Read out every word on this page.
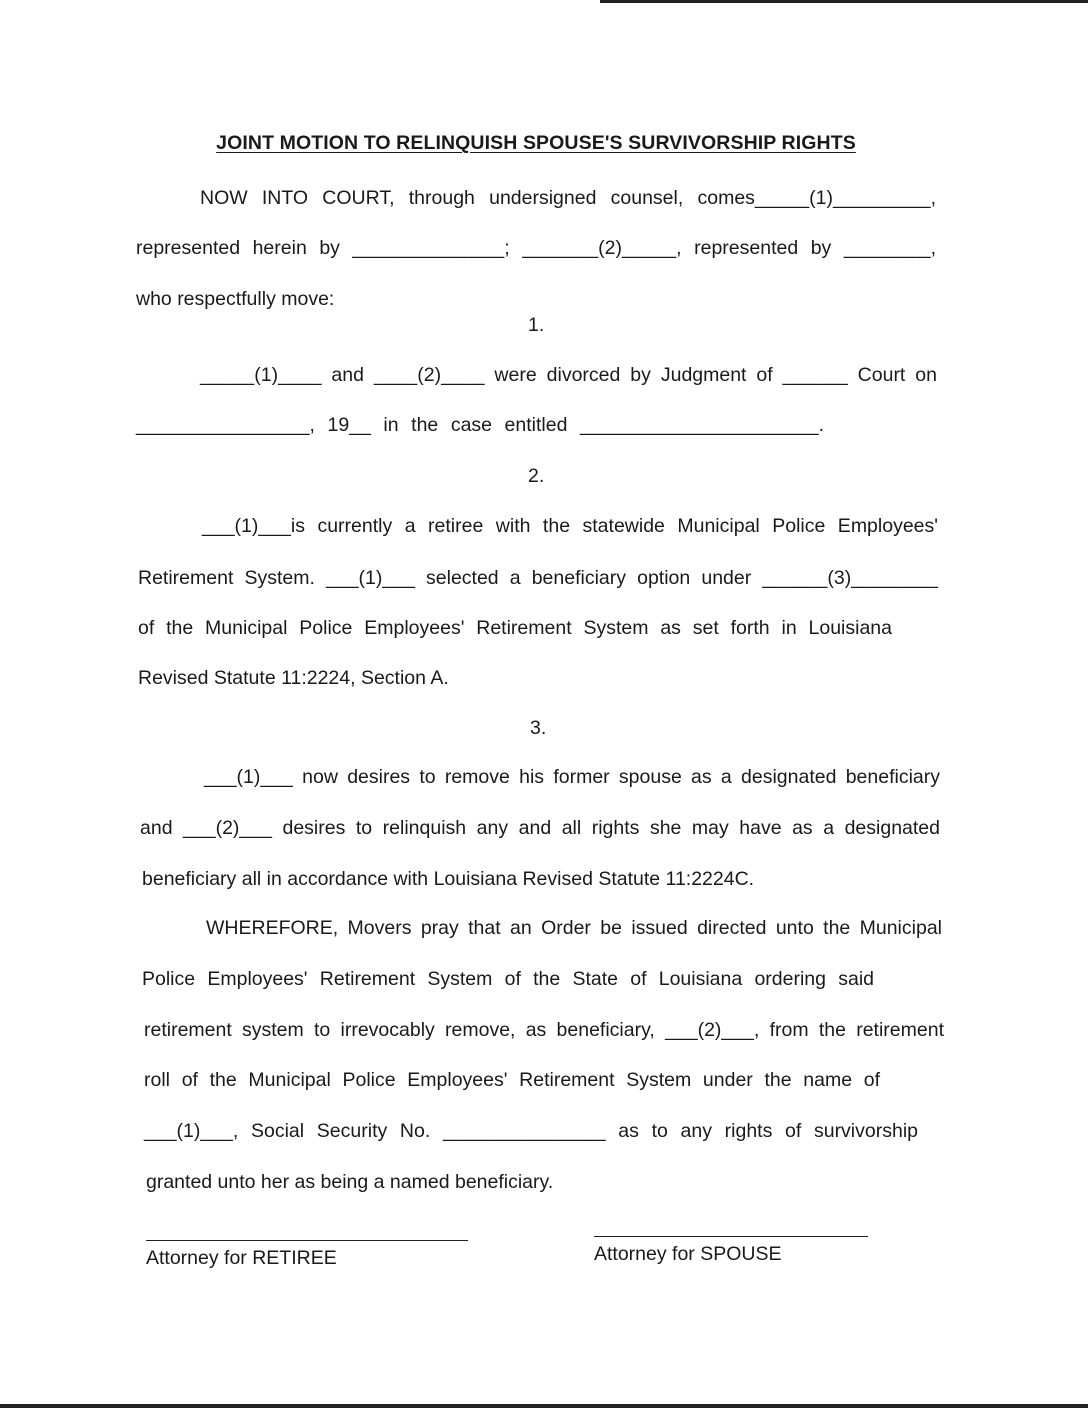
JOINT MOTION TO RELINQUISH SPOUSE'S SURVIVORSHIP RIGHTS
NOW INTO COURT, through undersigned counsel, comes_____(1)_________,
represented herein by ______________; _______(2)_____, represented by ________,
who respectfully move:
1.
_____(1)____ and ____(2)____ were divorced by Judgment of ______ Court on
________________, 19__ in the case entitled ______________________.
2.
___(1)___is currently a retiree with the statewide Municipal Police Employees'
Retirement System. ___(1)___ selected a beneficiary option under ______(3)________
of the Municipal Police Employees' Retirement System as set forth in Louisiana
Revised Statute 11:2224, Section A.
3.
___(1)___ now desires to remove his former spouse as a designated beneficiary
and ___(2)___ desires to relinquish any and all rights she may have as a designated
beneficiary all in accordance with Louisiana Revised Statute 11:2224C.
WHEREFORE, Movers pray that an Order be issued directed unto the Municipal
Police Employees' Retirement System of the State of Louisiana ordering said
retirement system to irrevocably remove, as beneficiary, ___(2)___, from the retirement
roll of the Municipal Police Employees' Retirement System under the name of
___(1)___, Social Security No. _______________ as to any rights of survivorship
granted unto her as being a named beneficiary.
Attorney for RETIREE	Attorney for SPOUSE
